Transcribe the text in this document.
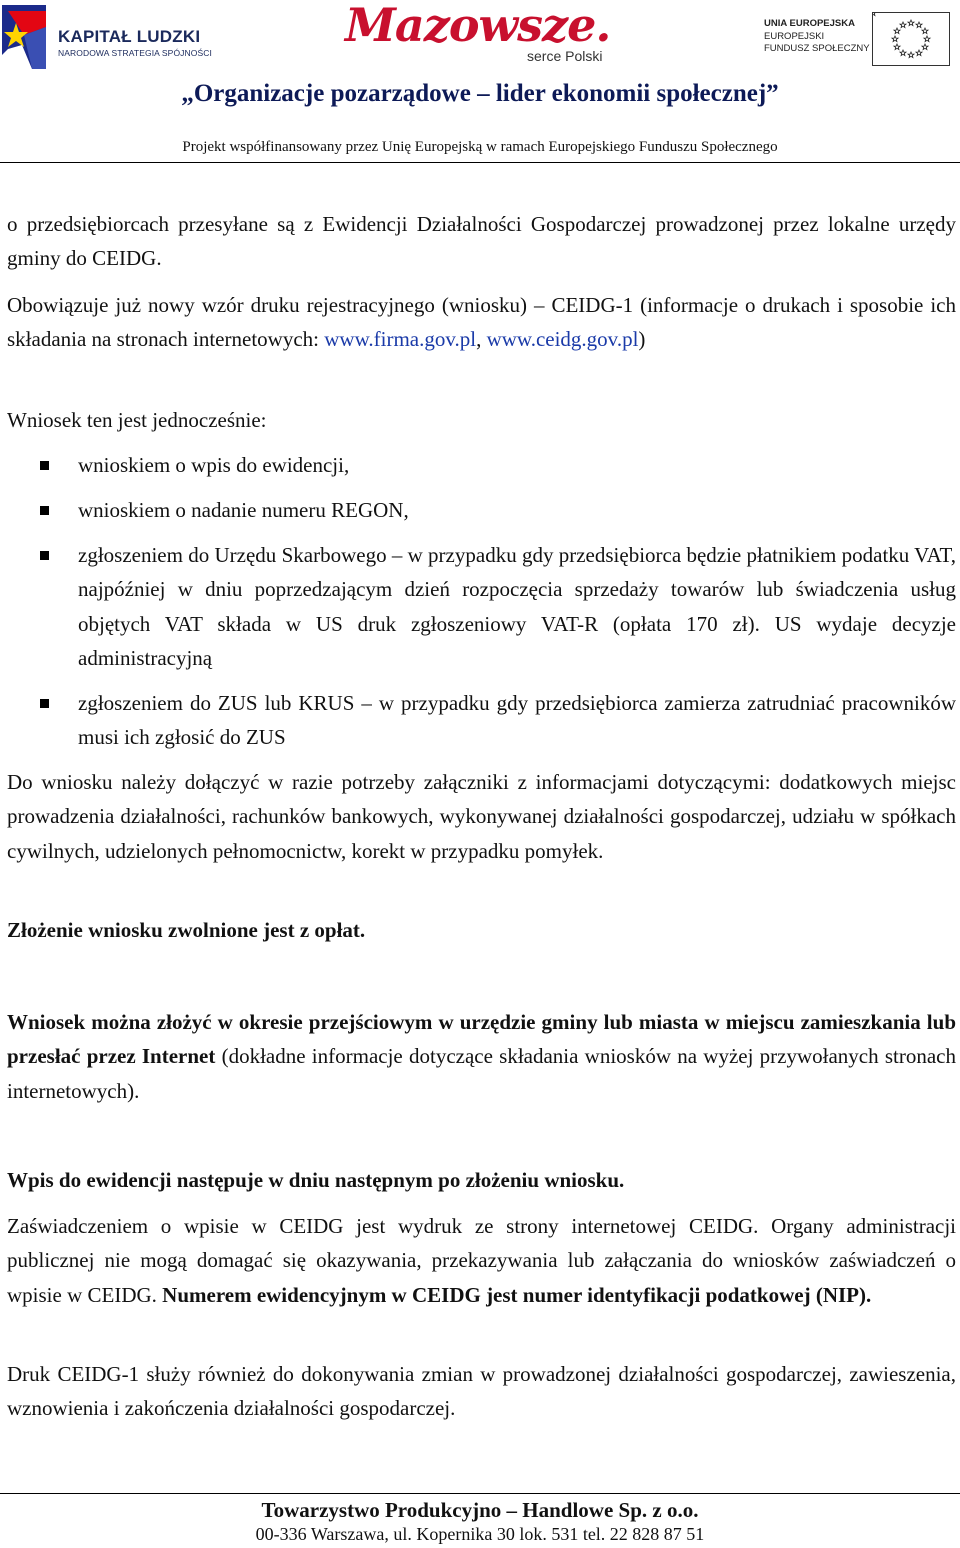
KAPITAŁ LUDZKI
NARODOWA STRATEGIA SPÓJNOŚCI
Mazowsze.
serce Polski
UNIA EUROPEJSKA
EUROPEJSKI
FUNDUSZ SPOŁECZNY
„Organizacje pozarządowe – lider ekonomii społecznej”
Projekt współfinansowany przez Unię Europejską w ramach Europejskiego Funduszu Społecznego

o przedsiębiorcach przesyłane są z Ewidencji Działalności Gospodarczej prowadzonej przez lokalne urzędy gminy do CEIDG.

Obowiązuje już nowy wzór druku rejestracyjnego (wniosku) – CEIDG-1 (informacje o drukach i sposobie ich składania na stronach internetowych: www.firma.gov.pl, www.ceidg.gov.pl)

Wniosek ten jest jednocześnie:

wnioskiem o wpis do ewidencji,
wnioskiem o nadanie numeru REGON,
zgłoszeniem do Urzędu Skarbowego – w przypadku gdy przedsiębiorca będzie płatnikiem podatku VAT, najpóźniej w dniu poprzedzającym dzień rozpoczęcia sprzedaży towarów lub świadczenia usług objętych VAT składa w US druk zgłoszeniowy VAT-R (opłata 170 zł). US wydaje decyzje administracyjną
zgłoszeniem do ZUS lub KRUS – w przypadku gdy przedsiębiorca zamierza zatrudniać pracowników musi ich zgłosić do ZUS

Do wniosku należy dołączyć w razie potrzeby załączniki z informacjami dotyczącymi: dodatkowych miejsc prowadzenia działalności, rachunków bankowych, wykonywanej działalności gospodarczej, udziału w spółkach cywilnych, udzielonych pełnomocnictw, korekt w przypadku pomyłek.

Złożenie wniosku zwolnione jest z opłat.

Wniosek można złożyć w okresie przejściowym w urzędzie gminy lub miasta w miejscu zamieszkania lub przesłać przez Internet (dokładne informacje dotyczące składania wniosków na wyżej przywołanych stronach internetowych).

Wpis do ewidencji następuje w dniu następnym po złożeniu wniosku.

Zaświadczeniem o wpisie w CEIDG jest wydruk ze strony internetowej CEIDG. Organy administracji publicznej nie mogą domagać się okazywania, przekazywania lub załączania do wniosków zaświadczeń o wpisie w CEIDG. Numerem ewidencyjnym w CEIDG jest numer identyfikacji podatkowej (NIP).

Druk CEIDG-1 służy również do dokonywania zmian w prowadzonej działalności gospodarczej, zawieszenia, wznowienia i zakończenia działalności gospodarczej.

Towarzystwo Produkcyjno – Handlowe Sp. z o.o.
00-336 Warszawa, ul. Kopernika 30 lok. 531 tel. 22 828 87 51
